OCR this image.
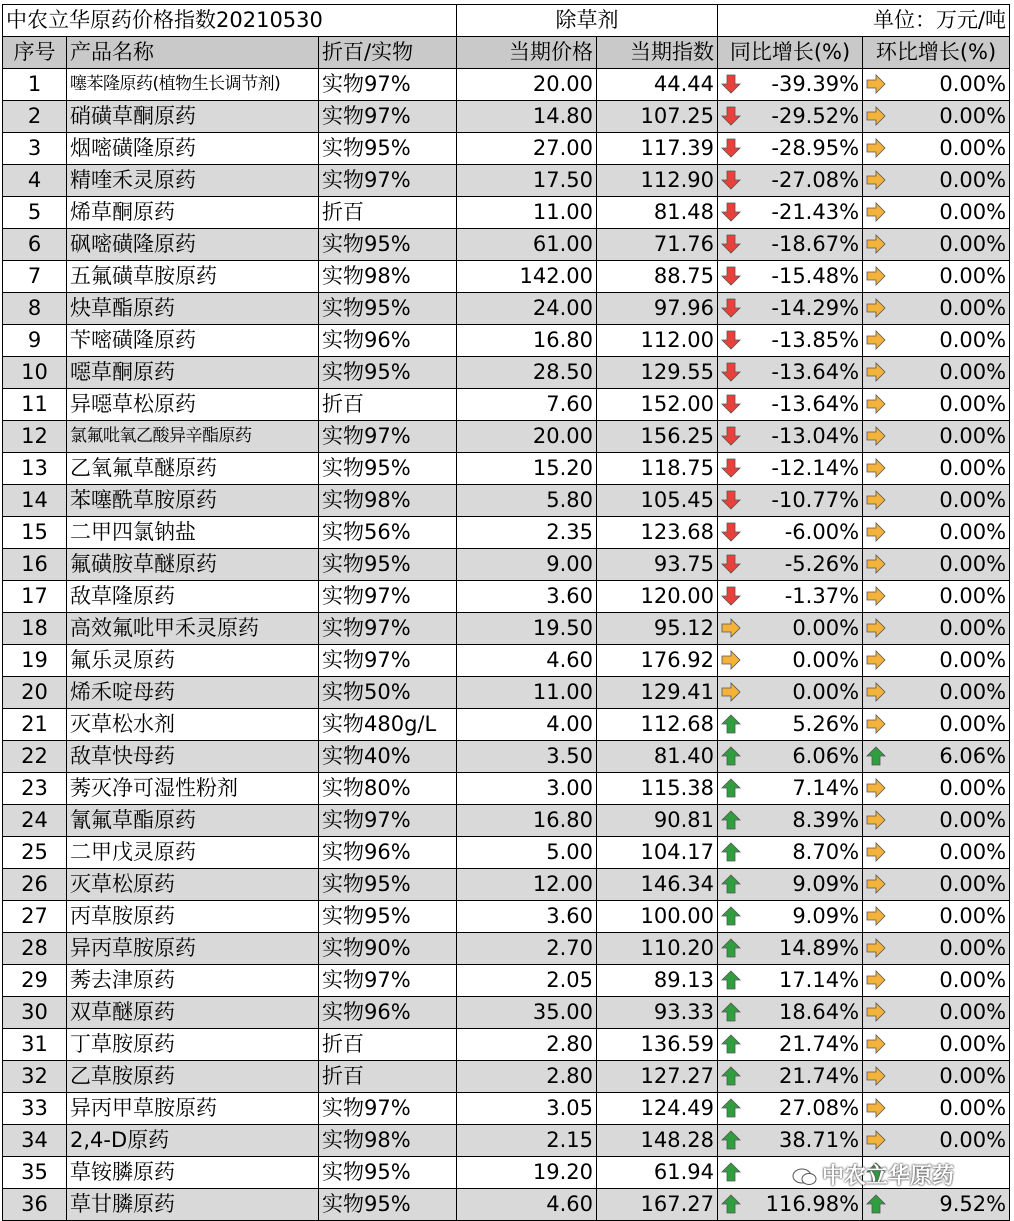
中农立华原药价格指数20210530			除草剂		单位：万元/吨	
序号	产品名称	折百/实物	当期价格	当期指数	同比增长(%)	环比增长(%)
1	噻苯隆原药(植物生长调节剂)	实物97%	20.00	44.44	-39.39%	0.00%
2	硝磺草酮原药	实物97%	14.80	107.25	-29.52%	0.00%
3	烟嘧磺隆原药	实物95%	27.00	117.39	-28.95%	0.00%
4	精喹禾灵原药	实物97%	17.50	112.90	-27.08%	0.00%
5	烯草酮原药	折百	11.00	81.48	-21.43%	0.00%
6	砜嘧磺隆原药	实物95%	61.00	71.76	-18.67%	0.00%
7	五氟磺草胺原药	实物98%	142.00	88.75	-15.48%	0.00%
8	炔草酯原药	实物95%	24.00	97.96	-14.29%	0.00%
9	苄嘧磺隆原药	实物96%	16.80	112.00	-13.85%	0.00%
10	噁草酮原药	实物95%	28.50	129.55	-13.64%	0.00%
11	异噁草松原药	折百	7.60	152.00	-13.64%	0.00%
12	氯氟吡氧乙酸异辛酯原药	实物97%	20.00	156.25	-13.04%	0.00%
13	乙氧氟草醚原药	实物95%	15.20	118.75	-12.14%	0.00%
14	苯噻酰草胺原药	实物98%	5.80	105.45	-10.77%	0.00%
15	二甲四氯钠盐	实物56%	2.35	123.68	-6.00%	0.00%
16	氟磺胺草醚原药	实物95%	9.00	93.75	-5.26%	0.00%
17	敌草隆原药	实物97%	3.60	120.00	-1.37%	0.00%
18	高效氟吡甲禾灵原药	实物97%	19.50	95.12	0.00%	0.00%
19	氟乐灵原药	实物97%	4.60	176.92	0.00%	0.00%
20	烯禾啶母药	实物50%	11.00	129.41	0.00%	0.00%
21	灭草松水剂	实物480g/L	4.00	112.68	5.26%	0.00%
22	敌草快母药	实物40%	3.50	81.40	6.06%	6.06%
23	莠灭净可湿性粉剂	实物80%	3.00	115.38	7.14%	0.00%
24	氰氟草酯原药	实物97%	16.80	90.81	8.39%	0.00%
25	二甲戊灵原药	实物96%	5.00	104.17	8.70%	0.00%
26	灭草松原药	实物95%	12.00	146.34	9.09%	0.00%
27	丙草胺原药	实物95%	3.60	100.00	9.09%	0.00%
28	异丙草胺原药	实物90%	2.70	110.20	14.89%	0.00%
29	莠去津原药	实物97%	2.05	89.13	17.14%	0.00%
30	双草醚原药	实物96%	35.00	93.33	18.64%	0.00%
31	丁草胺原药	折百	2.80	136.59	21.74%	0.00%
32	乙草胺原药	折百	2.80	127.27	21.74%	0.00%
33	异丙甲草胺原药	实物97%	3.05	124.49	27.08%	0.00%
34	2,4-D原药	实物98%	2.15	148.28	38.71%	0.00%
35	草铵膦原药	实物95%	19.20	61.94	

36	草甘膦原药	实物95%	4.60	167.27	116.98%	9.52%
中农立华原药
